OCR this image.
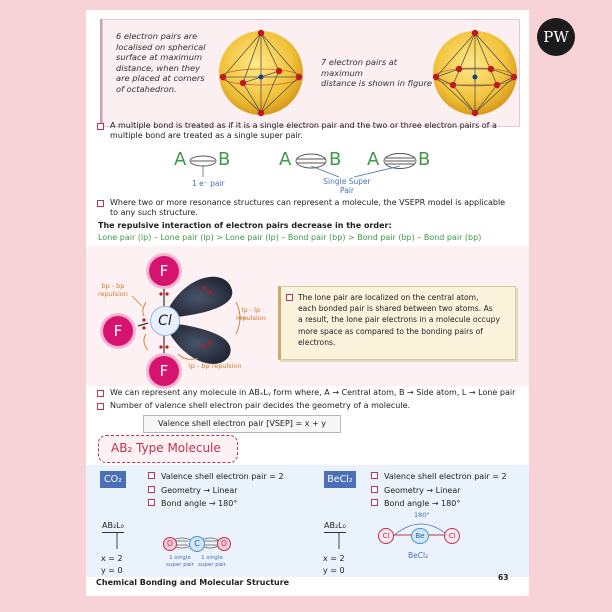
PW
6 electron pairs are
localised on spherical
surface at maximum
distance, when they
are placed at corners
of octahedron.
7 electron pairs at maximum
distance is shown in figure
A multiple bond is treated as if it is a single electron pair and the two or three electron pairs of a
multiple bond are treated as a single super pair.
A B	A B A B
1 e⁻ pair	Single Super
Pair
Where two or more resonance structures can represent a molecule, the VSEPR model is applicable
to any such structure.
The repulsive interaction of electron pairs decrease in the order:
Lone pair (lp) – Lone pair (lp) > Lone pair (lp) – Bond pair (bp) > Bond pair (bp) – Bond pair (bp)
F
F
F
Cl
bp - bp
repulsion
lp - lp
repulsion
lp - bp repulsion
The lone pair are localized on the central atom,
each bonded pair is shared between two atoms. As
a result, the lone pair electrons in a molecule occupy
more space as compared to the bonding pairs of
electrons.
We can represent any molecule in ABₓLᵧ form where, A → Central atom, B → Side atom, L → Lone pair
Number of valence shell electron pair decides the geometry of a molecule.
Valence shell electron pair [VSEP] = x + y
AB₂ Type Molecule
CO₂	Valence shell electron pair = 2
Geometry → Linear
Bond angle → 180°
AB₂L₀
x = 2
y = 0
O	C	O
1 single
super pair
1 single
super pair
BeCl₂	Valence shell electron pair = 2
Geometry → Linear
Bond angle → 180°
AB₂L₀
x = 2
y = 0
180°
Cl	Be	Cl
BeCl₂
Chemical Bonding and Molecular Structure
63
